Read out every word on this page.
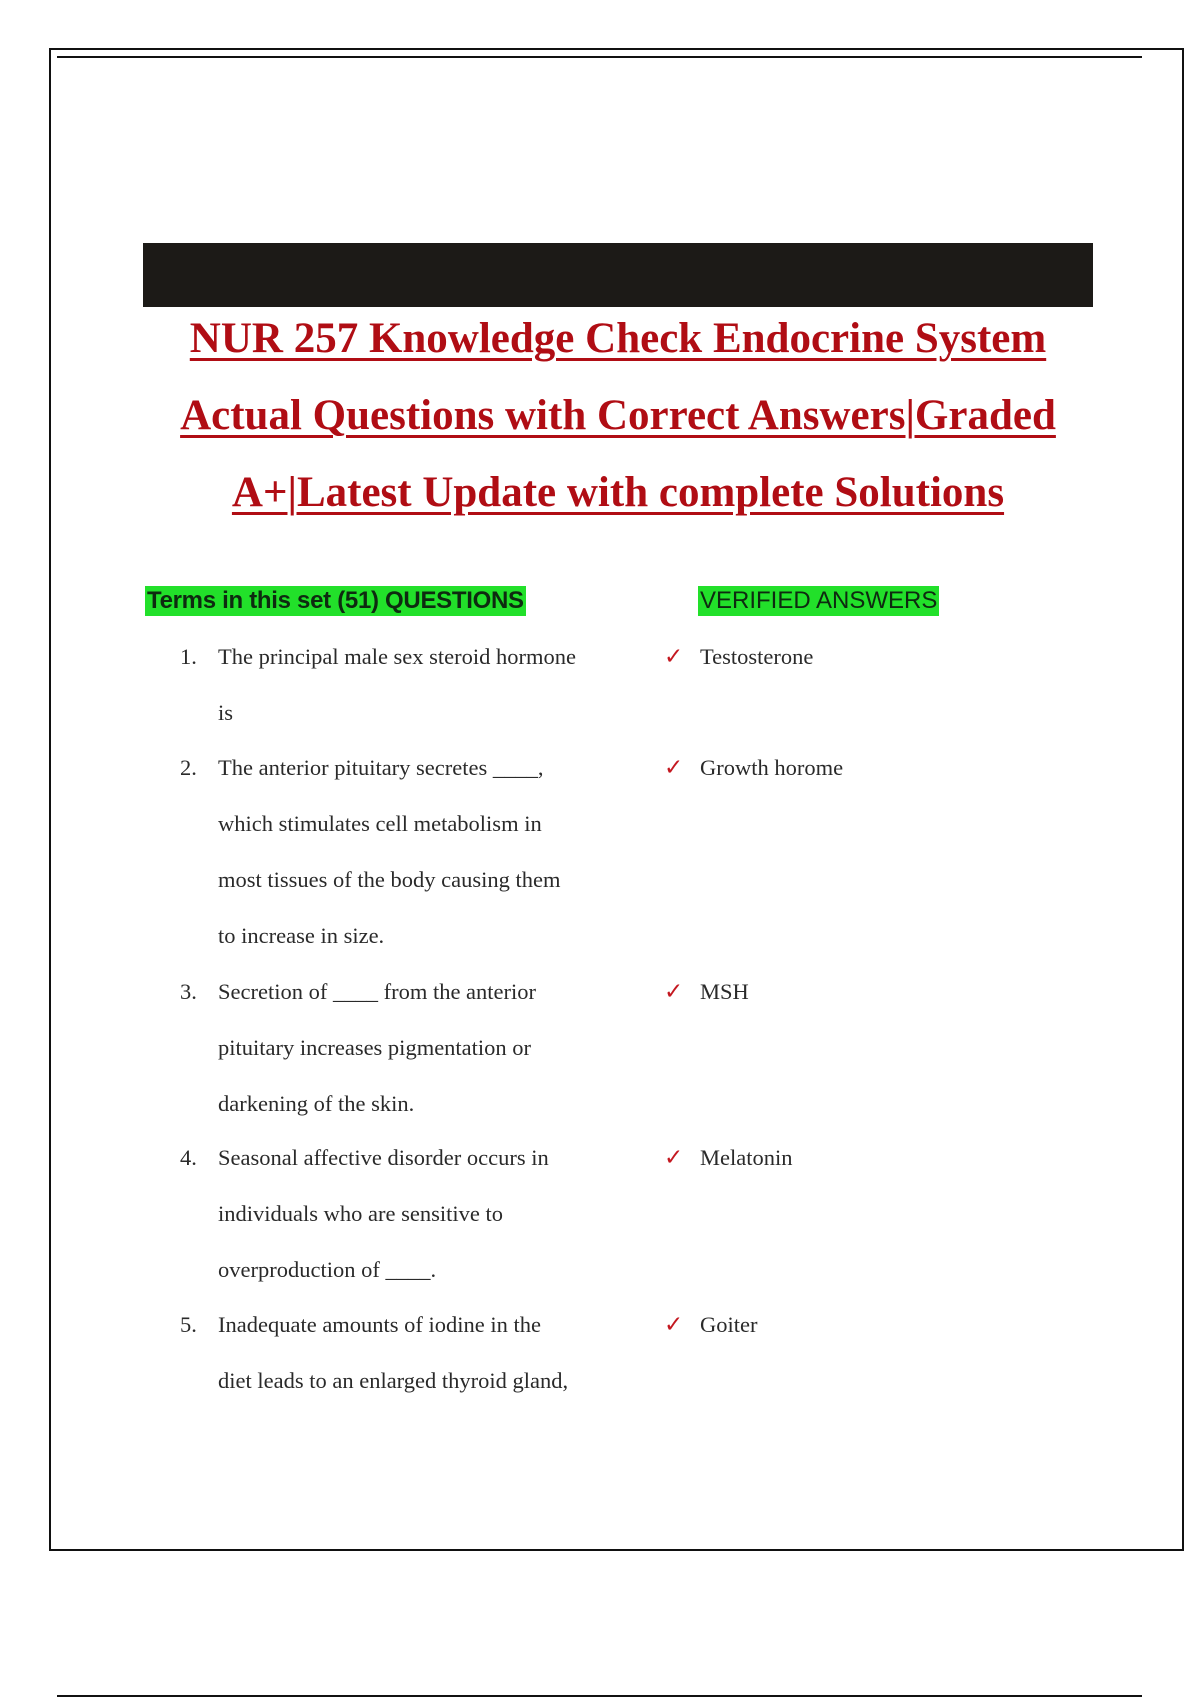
NUR 257 Knowledge Check Endocrine System
Actual Questions with Correct Answers|Graded
A+|Latest Update with complete Solutions
Terms in this set (51) QUESTIONS	VERIFIED ANSWERS
1. The principal male sex steroid hormone
is
✓ Testosterone
2. The anterior pituitary secretes ____,
which stimulates cell metabolism in
most tissues of the body causing them
to increase in size.
✓ Growth horome
3. Secretion of ____ from the anterior
pituitary increases pigmentation or
darkening of the skin.
✓ MSH
4. Seasonal affective disorder occurs in
individuals who are sensitive to
overproduction of ____.
✓ Melatonin
5. Inadequate amounts of iodine in the
diet leads to an enlarged thyroid gland,
✓ Goiter
